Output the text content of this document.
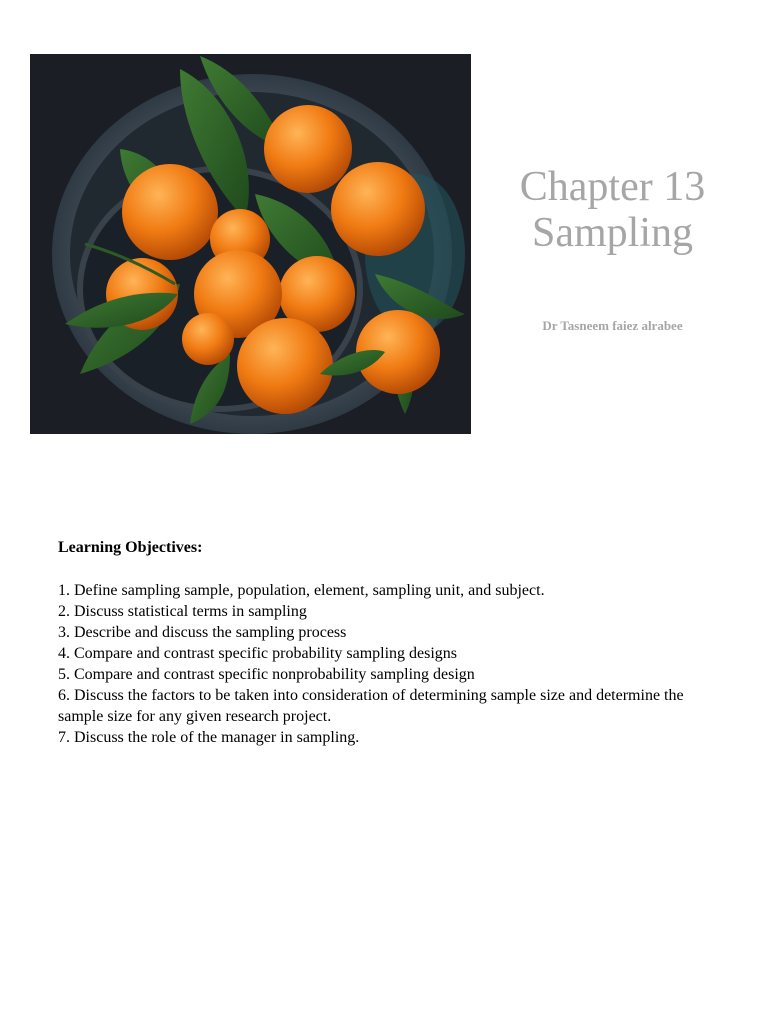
Chapter 13
Sampling
Dr Tasneem faiez alrabee
Learning Objectives:
1. Define sampling sample, population, element, sampling unit, and subject.
2. Discuss statistical terms in sampling
3. Describe and discuss the sampling process
4. Compare and contrast specific probability sampling designs
5. Compare and contrast specific nonprobability sampling design
6. Discuss the factors to be taken into consideration of determining sample size and determine the sample size for any given research project.
7. Discuss the role of the manager in sampling.
